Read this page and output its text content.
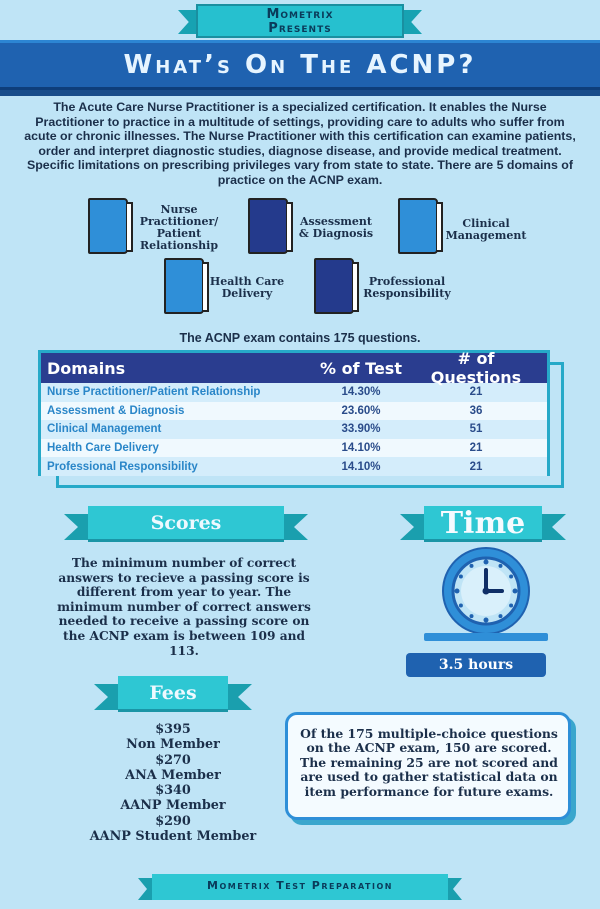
Mometrix
Presents
What’s On The ACNP?
The Acute Care Nurse Practitioner is a specialized certification. It enables the Nurse Practitioner to practice in a multitude of settings, providing care to adults who suffer from acute or chronic illnesses. The Nurse Practitioner with this certification can examine patients, order and interpret diagnostic studies, diagnose disease, and provide medical treatment. Specific limitations on prescribing privileges vary from state to state. There are 5 domains of practice on the ACNP exam.
Nurse
Practitioner/
Patient
Relationship
Assessment
& Diagnosis
Clinical
Management
Health Care
Delivery
Professional
Responsibility
The ACNP exam contains 175 questions.
Domains	% of Test	# of Questions
Nurse Practitioner/Patient Relationship	14.30%	21
Assessment & Diagnosis	23.60%	36
Clinical Management	33.90%	51
Health Care Delivery	14.10%	21
Professional Responsibility	14.10%	21
Scores
The minimum number of correct answers to recieve a passing score is different from year to year. The minimum number of correct answers needed to receive a passing score on the ACNP exam is between 109 and 113.
Time
3.5 hours
Fees
$395
Non Member
$270
ANA Member
$340
AANP Member
$290
AANP Student Member
Of the 175 multiple-choice questions on the ACNP exam, 150 are scored. The remaining 25 are not scored and are used to gather statistical data on item performance for future exams.
Mometrix Test Preparation
